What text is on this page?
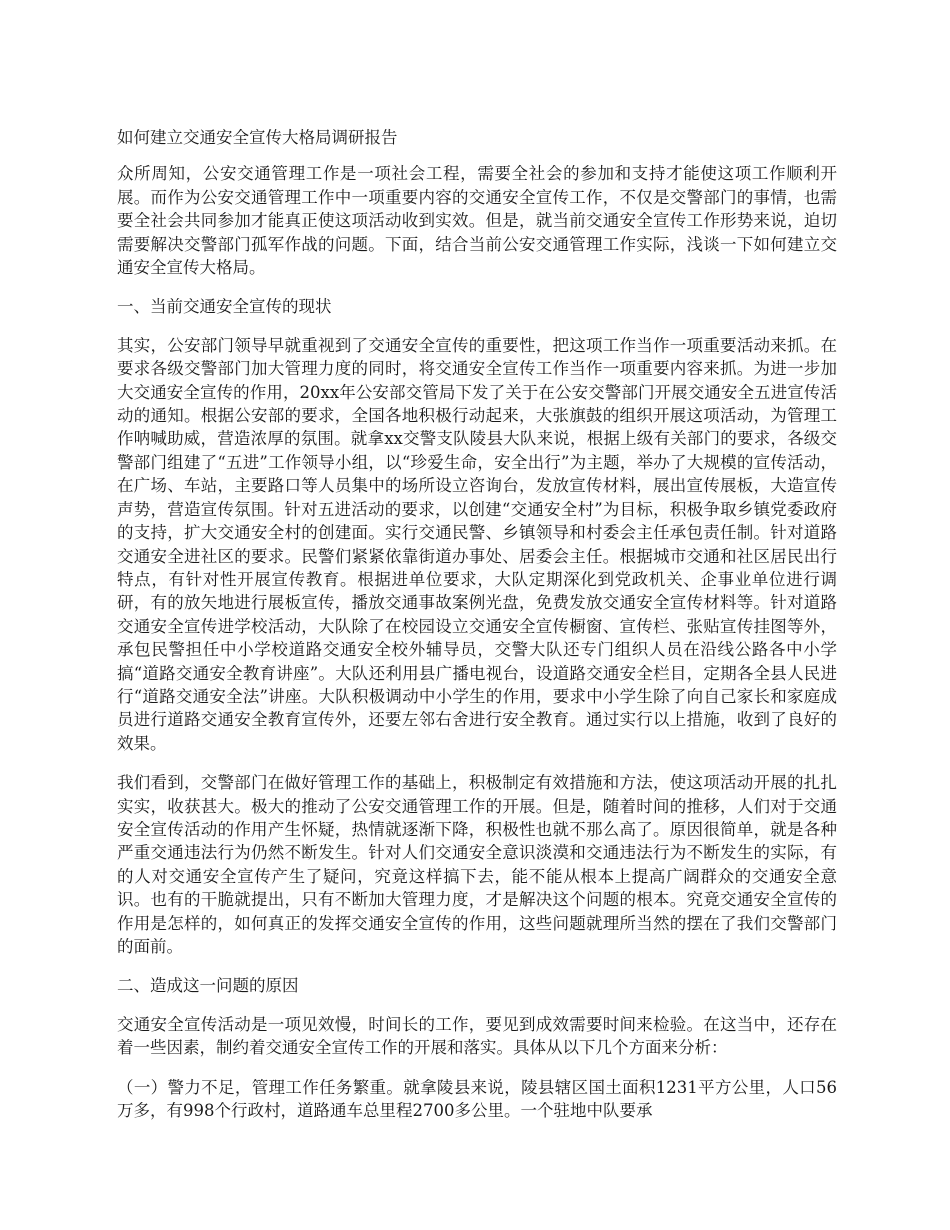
如何建立交通安全宣传大格局调研报告

众所周知，公安交通管理工作是一项社会工程，需要全社会的参加和支持才能使这项工作顺利开展。而作为公安交通管理工作中一项重要内容的交通安全宣传工作，不仅是交警部门的事情，也需要全社会共同参加才能真正使这项活动收到实效。但是，就当前交通安全宣传工作形势来说，迫切需要解决交警部门孤军作战的问题。下面，结合当前公安交通管理工作实际，浅谈一下如何建立交通安全宣传大格局。

一、当前交通安全宣传的现状

其实，公安部门领导早就重视到了交通安全宣传的重要性，把这项工作当作一项重要活动来抓。在要求各级交警部门加大管理力度的同时，将交通安全宣传工作当作一项重要内容来抓。为进一步加大交通安全宣传的作用，20xx年公安部交管局下发了关于在公安交警部门开展交通安全五进宣传活动的通知。根据公安部的要求，全国各地积极行动起来，大张旗鼓的组织开展这项活动，为管理工作呐喊助威，营造浓厚的氛围。就拿xx交警支队陵县大队来说，根据上级有关部门的要求，各级交警部门组建了“五进”工作领导小组，以“珍爱生命，安全出行”为主题，举办了大规模的宣传活动，在广场、车站，主要路口等人员集中的场所设立咨询台，发放宣传材料，展出宣传展板，大造宣传声势，营造宣传氛围。针对五进活动的要求，以创建“交通安全村”为目标，积极争取乡镇党委政府的支持，扩大交通安全村的创建面。实行交通民警、乡镇领导和村委会主任承包责任制。针对道路交通安全进社区的要求。民警们紧紧依靠街道办事处、居委会主任。根据城市交通和社区居民出行特点，有针对性开展宣传教育。根据进单位要求，大队定期深化到党政机关、企事业单位进行调研，有的放矢地进行展板宣传，播放交通事故案例光盘，免费发放交通安全宣传材料等。针对道路交通安全宣传进学校活动，大队除了在校园设立交通安全宣传橱窗、宣传栏、张贴宣传挂图等外，承包民警担任中小学校道路交通安全校外辅导员，交警大队还专门组织人员在沿线公路各中小学搞“道路交通安全教育讲座”。大队还利用县广播电视台，设道路交通安全栏目，定期各全县人民进行“道路交通安全法”讲座。大队积极调动中小学生的作用，要求中小学生除了向自己家长和家庭成员进行道路交通安全教育宣传外，还要左邻右舍进行安全教育。通过实行以上措施，收到了良好的效果。

我们看到，交警部门在做好管理工作的基础上，积极制定有效措施和方法，使这项活动开展的扎扎实实，收获甚大。极大的推动了公安交通管理工作的开展。但是，随着时间的推移，人们对于交通安全宣传活动的作用产生怀疑，热情就逐渐下降，积极性也就不那么高了。原因很简单，就是各种严重交通违法行为仍然不断发生。针对人们交通安全意识淡漠和交通违法行为不断发生的实际，有的人对交通安全宣传产生了疑问，究竟这样搞下去，能不能从根本上提高广阔群众的交通安全意识。也有的干脆就提出，只有不断加大管理力度，才是解决这个问题的根本。究竟交通安全宣传的作用是怎样的，如何真正的发挥交通安全宣传的作用，这些问题就理所当然的摆在了我们交警部门的面前。

二、造成这一问题的原因

交通安全宣传活动是一项见效慢，时间长的工作，要见到成效需要时间来检验。在这当中，还存在着一些因素，制约着交通安全宣传工作的开展和落实。具体从以下几个方面来分析：

（一）警力不足，管理工作任务繁重。就拿陵县来说，陵县辖区国土面积1231平方公里，人口56万多，有998个行政村，道路通车总里程2700多公里。一个驻地中队要承
